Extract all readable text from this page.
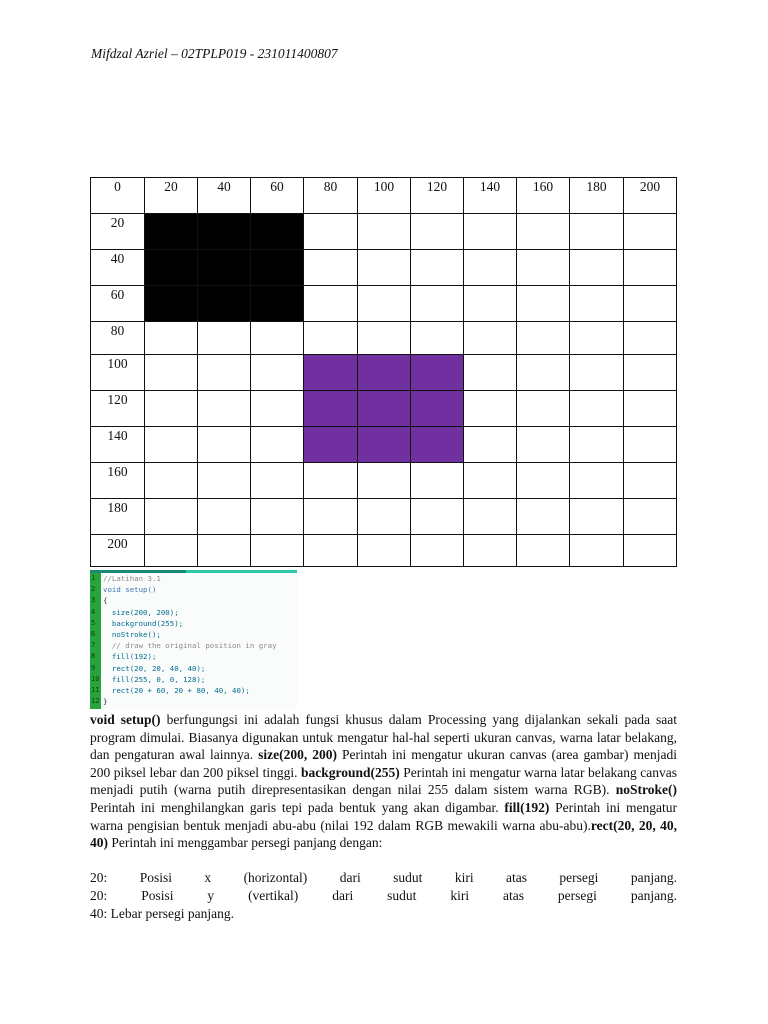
Mifdzal Azriel – 02TPLP019 - 231011400807
0	20	40	60	80	100	120	140	160	180	200
20										
40										
60										
80										
100										
120										
140										
160										
180										
200										
1	//Latihan 3.1
2	void setup()
3	{
4	size(200, 200);
5	background(255);
6	noStroke();
7	// draw the original position in gray
8	fill(192);
9	rect(20, 20, 40, 40);
10 fill(255, 0, 0, 128);
11 rect(20 + 60, 20 + 80, 40, 40);
12 }
void setup() berfungungsi ini adalah fungsi khusus dalam Processing yang dijalankan sekali pada saat program dimulai. Biasanya digunakan untuk mengatur hal-hal seperti ukuran canvas, warna latar belakang, dan pengaturan awal lainnya. size(200, 200) Perintah ini mengatur ukuran canvas (area gambar) menjadi 200 piksel lebar dan 200 piksel tinggi. background(255) Perintah ini mengatur warna latar belakang canvas menjadi putih (warna putih direpresentasikan dengan nilai 255 dalam sistem warna RGB). noStroke() Perintah ini menghilangkan garis tepi pada bentuk yang akan digambar. fill(192) Perintah ini mengatur warna pengisian bentuk menjadi abu-abu (nilai 192 dalam RGB mewakili warna abu-abu).rect(20, 20, 40, 40) Perintah ini menggambar persegi panjang dengan:
20: Posisi x (horizontal) dari sudut kiri atas persegi panjang.
20:	Posisi	y	(vertikal)	dari	sudut	kiri	atas	persegi	panjang.
40: Lebar persegi panjang.
